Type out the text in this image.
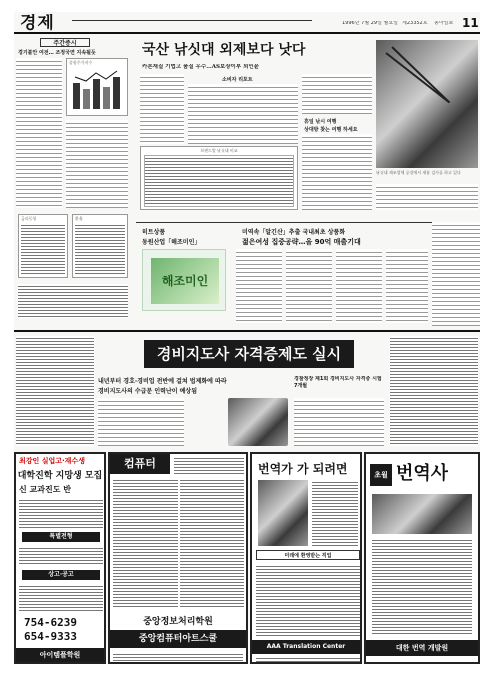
경제	1996년 7월 29일 월요일 제23352호 동아일보 11
주간증시
경기불안 여전… 조정국면 지속될듯
종합주가지수
금리동향	환율
국산 낚싯대 외제보다 낫다
카본재질 기법고 품질 우수…AS보장이부 외인윤
소비자 리포트
브랜드별 낚싯대 비교
휴일 낚시 여행
상대방 찾는 여행 하세요
낚싯대 제조업체 공장에서 제품 검사를 하고 있다
히트상품
동원산업「해조미인」
해조미인
미역속「알긴산」추출 국내최초 상품화
젊은여성 집중공략…올 90억 매출기대
경비지도사 자격증제도 실시
내년부터 경호·경비업 전반에 걸쳐 법제화에 따라
경비지도사의 수급문 인력난이 예상됨
경찰청장 제1회 경비지도사 자격증 시험 7개월
최강인 실업고·재수생
대학진학 지망생 모집
신 교과진도 반
특별전형
상고·공고
754-6239
654-9333
아이템플학원
컴퓨터
중앙정보처리학원
중앙컴퓨터아트스쿨
번역가 가 되려면
미래에 환영받는 직업
AAA Translation Center
초월 번역사
대한 번역 개발원
